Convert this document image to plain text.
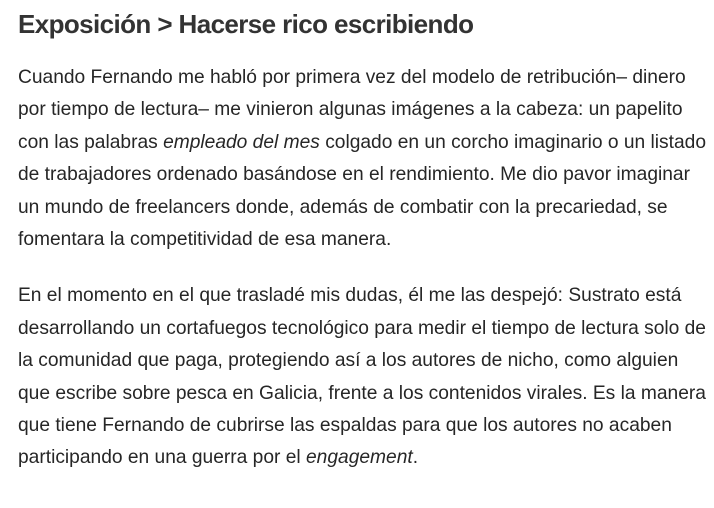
Exposición > Hacerse rico escribiendo

Cuando Fernando me habló por primera vez del modelo de retribución– dinero por tiempo de lectura– me vinieron algunas imágenes a la cabeza: un papelito con las palabras empleado del mes colgado en un corcho imaginario o un listado de trabajadores ordenado basándose en el rendimiento. Me dio pavor imaginar un mundo de freelancers donde, además de combatir con la precariedad, se fomentara la competitividad de esa manera.

En el momento en el que trasladé mis dudas, él me las despejó: Sustrato está desarrollando un cortafuegos tecnológico para medir el tiempo de lectura solo de la comunidad que paga, protegiendo así a los autores de nicho, como alguien que escribe sobre pesca en Galicia, frente a los contenidos virales. Es la manera que tiene Fernando de cubrirse las espaldas para que los autores no acaben participando en una guerra por el engagement.
